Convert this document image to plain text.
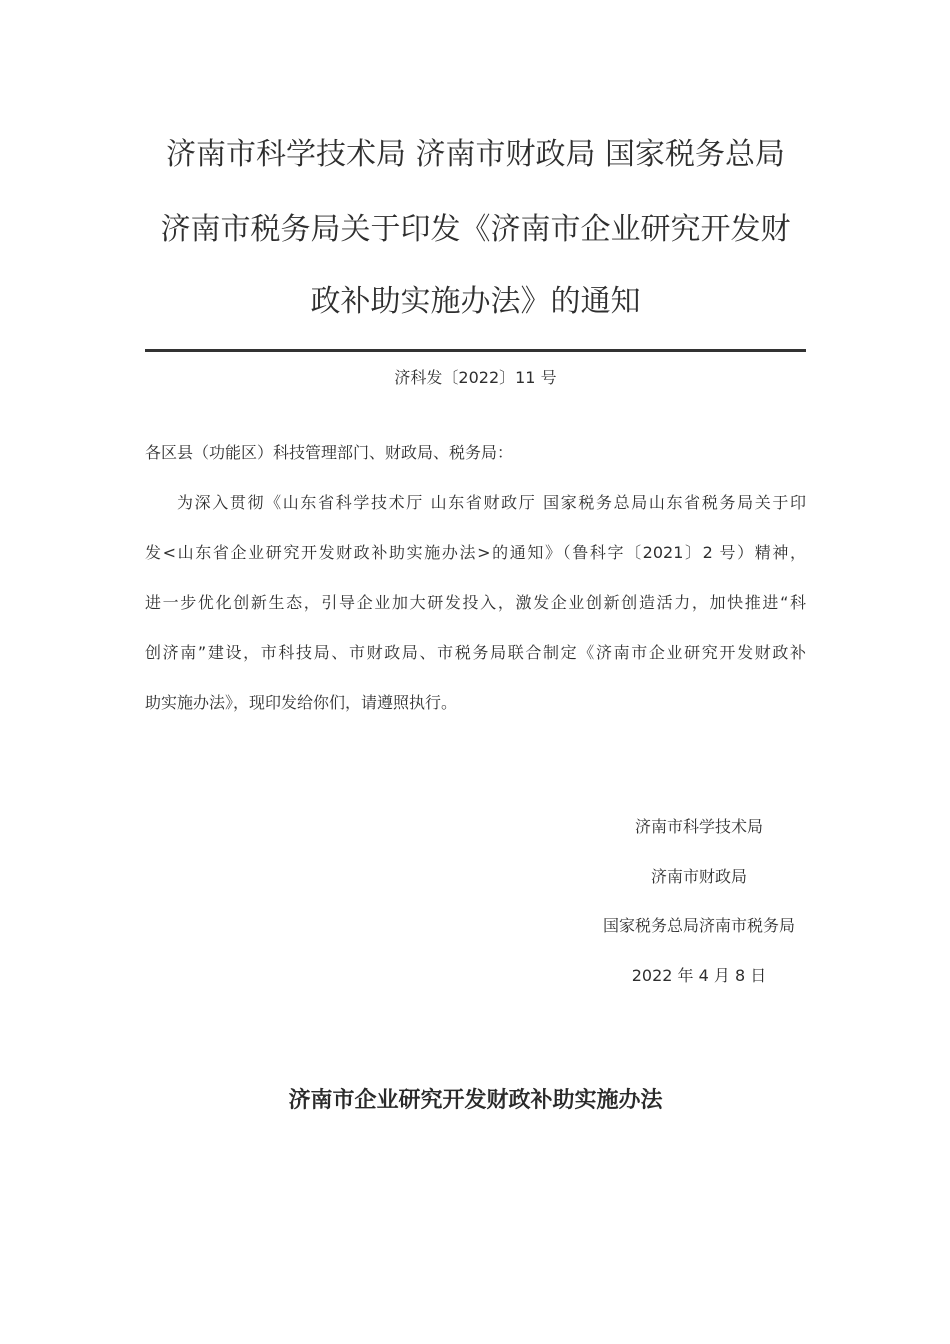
济南市科学技术局 济南市财政局 国家税务总局
济南市税务局关于印发《济南市企业研究开发财
政补助实施办法》的通知
济科发〔2022〕11 号
各区县（功能区）科技管理部门、财政局、税务局：
为深入贯彻《山东省科学技术厅 山东省财政厅 国家税务总局山东省税务局关于印
发<山东省企业研究开发财政补助实施办法>的通知》（鲁科字〔2021〕2 号）精神，
进一步优化创新生态，引导企业加大研发投入，激发企业创新创造活力，加快推进“科
创济南”建设，市科技局、市财政局、市税务局联合制定《济南市企业研究开发财政补
助实施办法》，现印发给你们，请遵照执行。
济南市科学技术局
济南市财政局
国家税务总局济南市税务局
2022 年 4 月 8 日
济南市企业研究开发财政补助实施办法
